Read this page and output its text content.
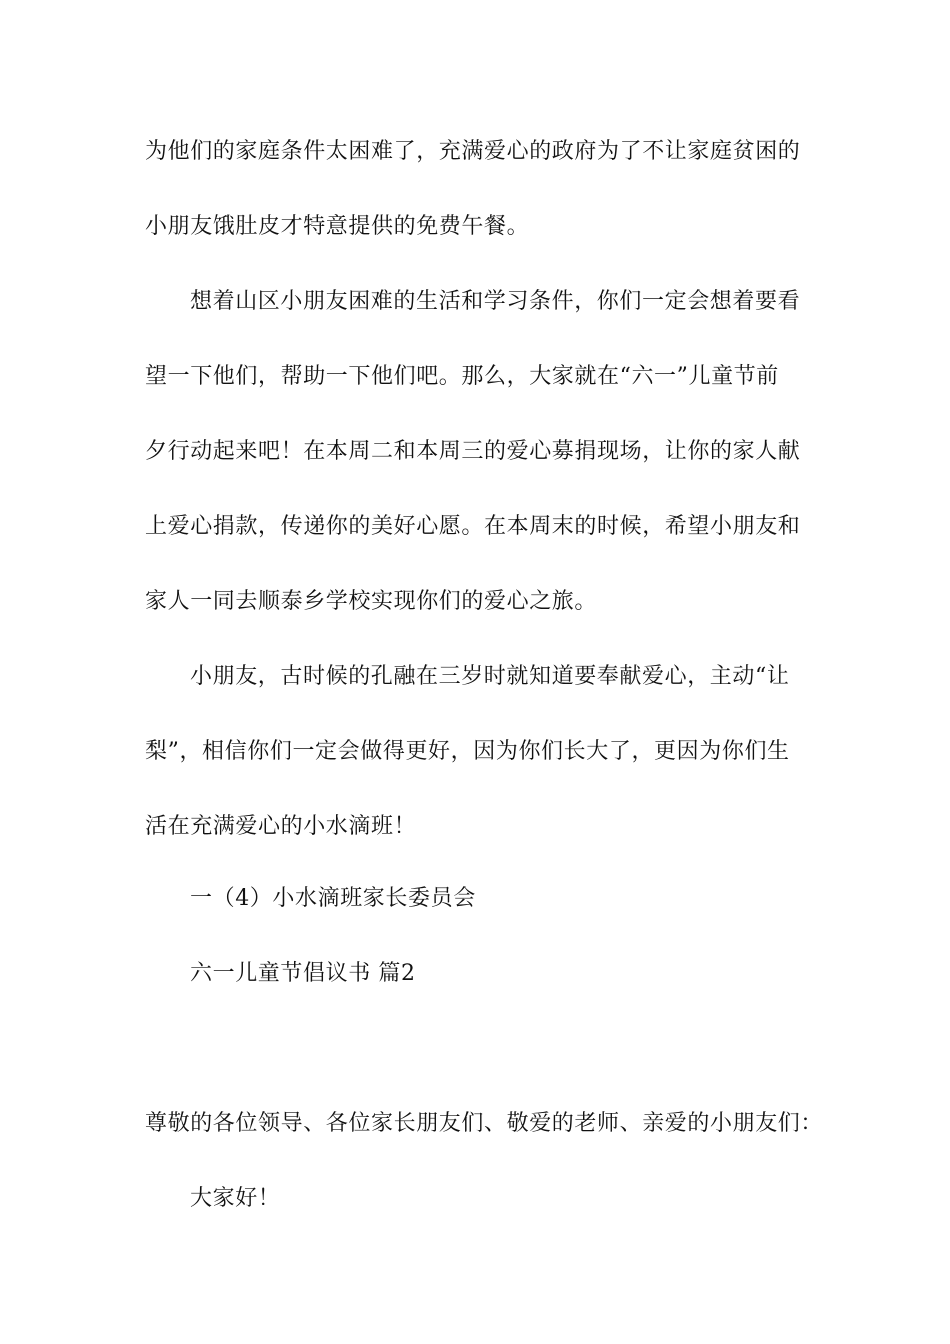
为他们的家庭条件太困难了，充满爱心的政府为了不让家庭贫困的
小朋友饿肚皮才特意提供的免费午餐。
想着山区小朋友困难的生活和学习条件，你们一定会想着要看
望一下他们，帮助一下他们吧。那么，大家就在“六一”儿童节前
夕行动起来吧！在本周二和本周三的爱心募捐现场，让你的家人献
上爱心捐款，传递你的美好心愿。在本周末的时候，希望小朋友和
家人一同去顺泰乡学校实现你们的爱心之旅。
小朋友，古时候的孔融在三岁时就知道要奉献爱心，主动“让
梨”，相信你们一定会做得更好，因为你们长大了，更因为你们生
活在充满爱心的小水滴班！
一（4）小水滴班家长委员会
六一儿童节倡议书 篇2
尊敬的各位领导、各位家长朋友们、敬爱的老师、亲爱的小朋友们：
大家好！
